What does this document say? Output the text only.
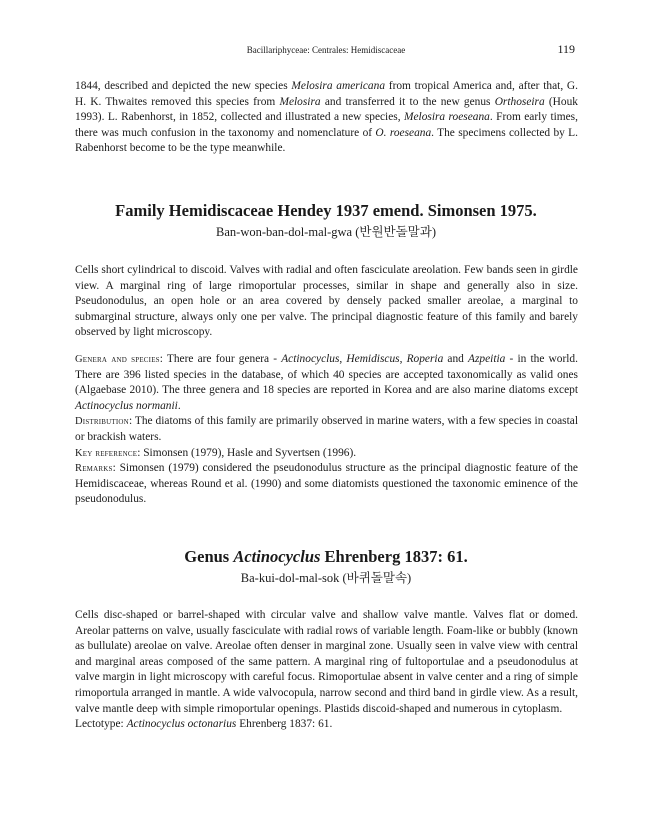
Bacillariphyceae: Centrales: Hemidiscaceae	119

1844, described and depicted the new species Melosira americana from tropical America and, after that, G. H. K. Thwaites removed this species from Melosira and transferred it to the new genus Orthoseira (Houk 1993). L. Rabenhorst, in 1852, collected and illustrated a new species, Melosira roeseana. From early times, there was much confusion in the taxonomy and nomenclature of O. roeseana. The specimens collected by L. Rabenhorst become to be the type meanwhile.

Family Hemidiscaceae Hendey 1937 emend. Simonsen 1975.
Ban-won-ban-dol-mal-gwa (반원반돌말과)

Cells short cylindrical to discoid. Valves with radial and often fasciculate areolation. Few bands seen in girdle view. A marginal ring of large rimoportular processes, similar in shape and generally also in size. Pseudonodulus, an open hole or an area covered by densely packed smaller areolae, a marginal to submarginal structure, always only one per valve. The principal diagnostic feature of this family and barely observed by light microscopy.

Genera and species: There are four genera - Actinocyclus, Hemidiscus, Roperia and Azpeitia - in the world. There are 396 listed species in the database, of which 40 species are accepted taxonomically as valid ones (Algaebase 2010). The three genera and 18 species are reported in Korea and are also marine diatoms except Actinocyclus normanii.

Distribution: The diatoms of this family are primarily observed in marine waters, with a few species in coastal or brackish waters.

Key reference: Simonsen (1979), Hasle and Syvertsen (1996).

Remarks: Simonsen (1979) considered the pseudonodulus structure as the principal diagnostic feature of the Hemidiscaceae, whereas Round et al. (1990) and some diatomists questioned the taxonomic eminence of the pseudonodulus.

Genus Actinocyclus Ehrenberg 1837: 61.
Ba-kui-dol-mal-sok (바퀴돌말속)

Cells disc-shaped or barrel-shaped with circular valve and shallow valve mantle. Valves flat or domed. Areolar patterns on valve, usually fasciculate with radial rows of variable length. Foam-like or bubbly (known as bullulate) areolae on valve. Areolae often denser in marginal zone. Usually seen in valve view with central and marginal areas composed of the same pattern. A marginal ring of fultoportulae and a pseudonodulus at valve margin in light microscopy with careful focus. Rimoportulae absent in valve center and a ring of simple rimoportula arranged in mantle. A wide valvocopula, narrow second and third band in girdle view. As a result, valve mantle deep with simple rimoportular openings. Plastids discoid-shaped and numerous in cytoplasm.

Lectotype: Actinocyclus octonarius Ehrenberg 1837: 61.
